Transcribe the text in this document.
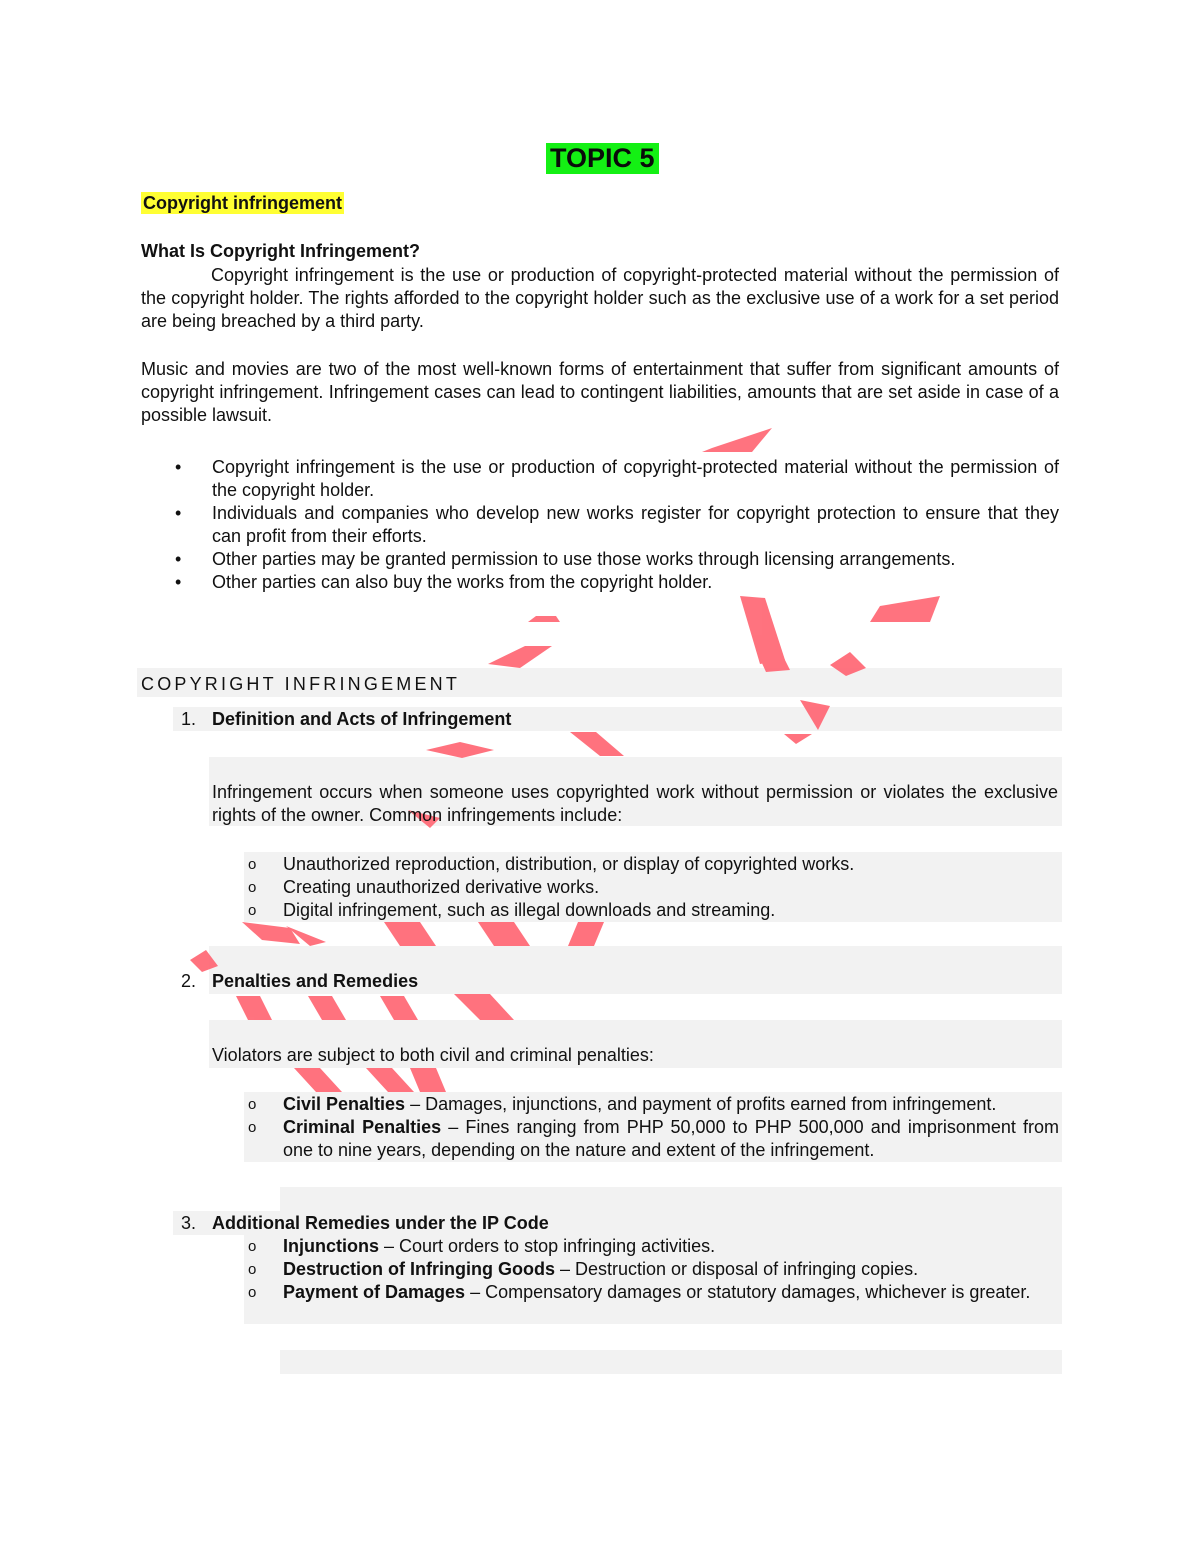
TOPIC 5
Copyright infringement
What Is Copyright Infringement?
Copyright infringement is the use or production of copyright-protected material without the permission of the copyright holder. The rights afforded to the copyright holder such as the exclusive use of a work for a set period are being breached by a third party.
Music and movies are two of the most well-known forms of entertainment that suffer from significant amounts of copyright infringement. Infringement cases can lead to contingent liabilities, amounts that are set aside in case of a possible lawsuit.
• Copyright infringement is the use or production of copyright-protected material without the permission of the copyright holder.
• Individuals and companies who develop new works register for copyright protection to ensure that they can profit from their efforts.
• Other parties may be granted permission to use those works through licensing arrangements.
• Other parties can also buy the works from the copyright holder.
COPYRIGHT INFRINGEMENT
1. Definition and Acts of Infringement
Infringement occurs when someone uses copyrighted work without permission or violates the exclusive rights of the owner. Common infringements include:
o Unauthorized reproduction, distribution, or display of copyrighted works.
o Creating unauthorized derivative works.
o Digital infringement, such as illegal downloads and streaming.
2. Penalties and Remedies
Violators are subject to both civil and criminal penalties:
o Civil Penalties – Damages, injunctions, and payment of profits earned from infringement.
o Criminal Penalties – Fines ranging from PHP 50,000 to PHP 500,000 and imprisonment from one to nine years, depending on the nature and extent of the infringement.
3. Additional Remedies under the IP Code
o Injunctions – Court orders to stop infringing activities.
o Destruction of Infringing Goods – Destruction or disposal of infringing copies.
o Payment of Damages – Compensatory damages or statutory damages, whichever is greater.
